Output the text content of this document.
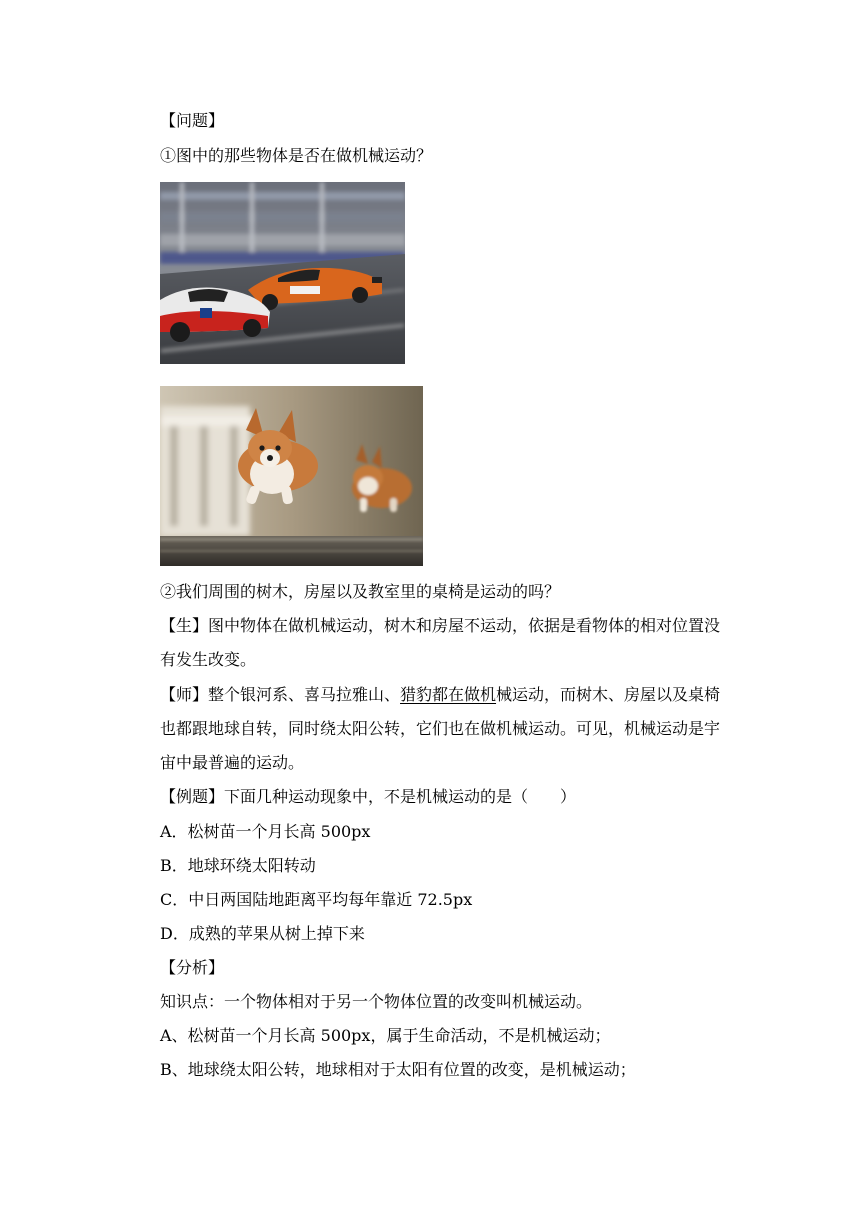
【问题】
①图中的那些物体是否在做机械运动？
②我们周围的树木，房屋以及教室里的桌椅是运动的吗？
【生】图中物体在做机械运动，树木和房屋不运动，依据是看物体的相对位置没有发生改变。
【师】整个银河系、喜马拉雅山、猎豹都在做机械运动，而树木、房屋以及桌椅也都跟地球自转，同时绕太阳公转，它们也在做机械运动。可见，机械运动是宇宙中最普遍的运动。
【例题】下面几种运动现象中，不是机械运动的是（　　）
A．松树苗一个月长高 500px
B．地球环绕太阳转动
C．中日两国陆地距离平均每年靠近 72.5px
D．成熟的苹果从树上掉下来
【分析】
知识点：一个物体相对于另一个物体位置的改变叫机械运动。
A、松树苗一个月长高 500px，属于生命活动，不是机械运动；
B、地球绕太阳公转，地球相对于太阳有位置的改变，是机械运动；
